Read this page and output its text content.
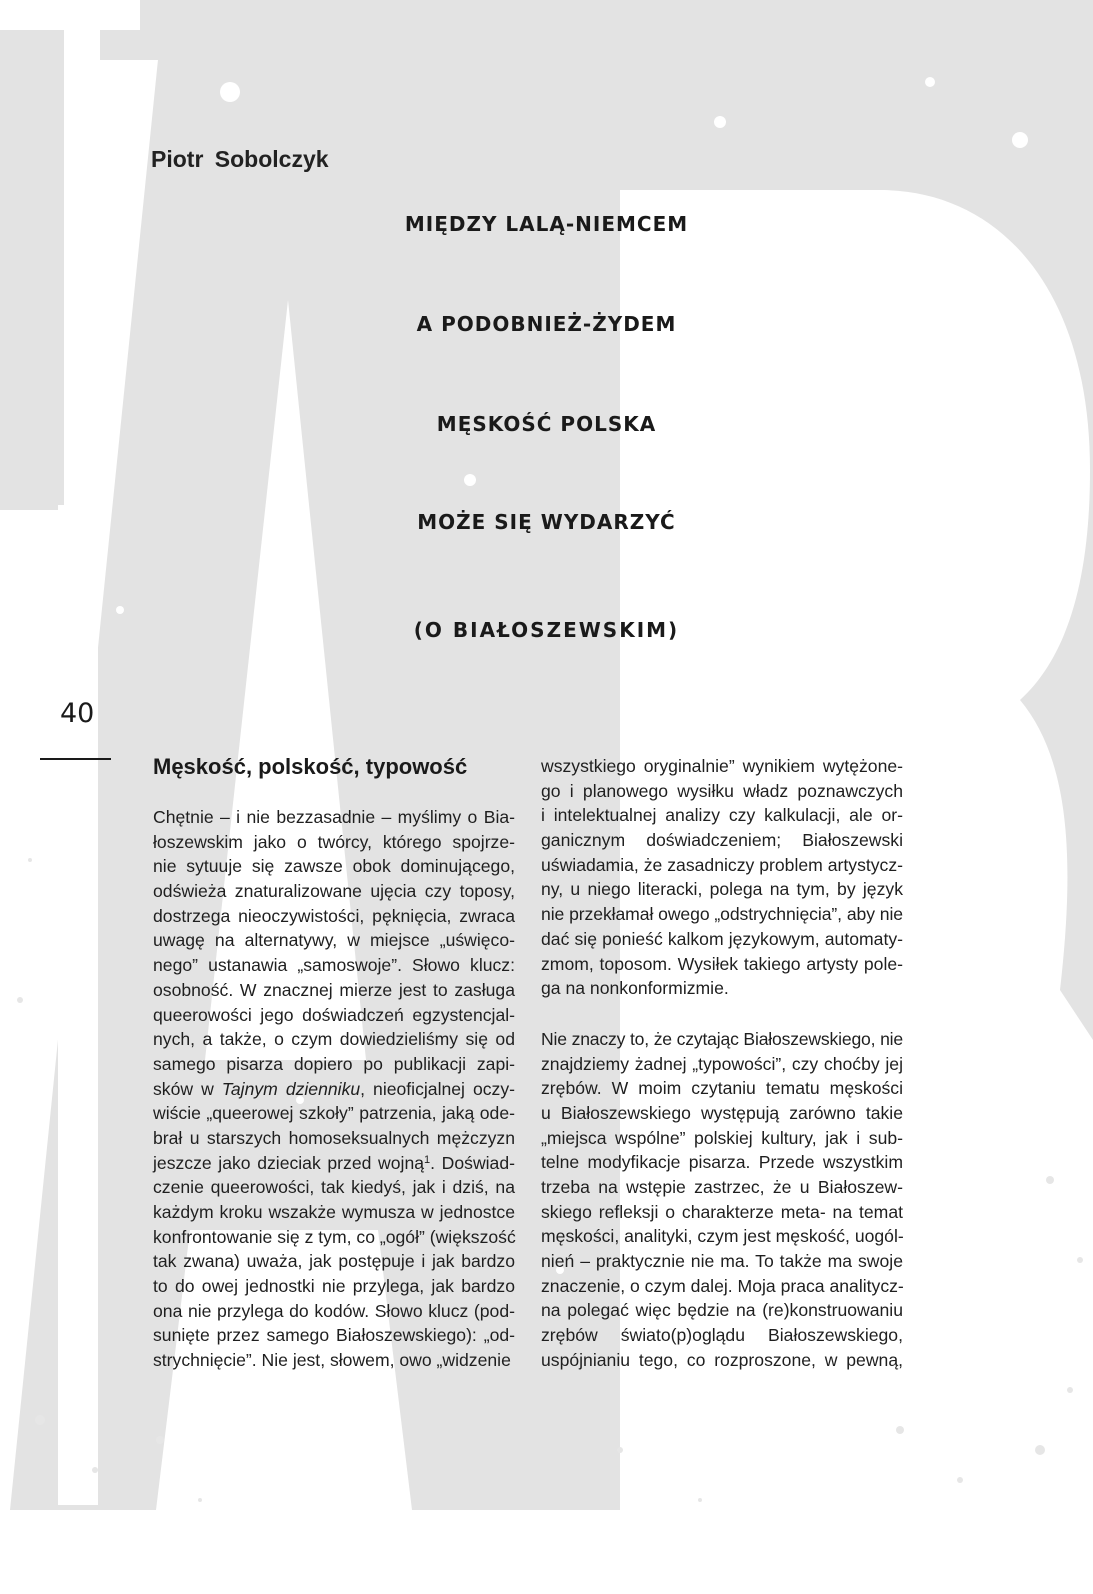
Piotr Sobolczyk
MIĘDZY LALĄ-NIEMCEM
A PODOBNIEŻ-ŻYDEM
MĘSKOŚĆ POLSKA
MOŻE SIĘ WYDARZYĆ
(O BIAŁOSZEWSKIM)
40
Męskość, polskość, typowość
Chętnie – i nie bezzasadnie – myślimy o Bia-
łoszewskim jako o twórcy, którego spojrze-
nie sytuuje się zawsze obok dominującego,
odświeża znaturalizowane ujęcia czy toposy,
dostrzega nieoczywistości, pęknięcia, zwraca
uwagę na alternatywy, w miejsce „uświęco-
nego” ustanawia „samoswoje”. Słowo klucz:
osobność. W znacznej mierze jest to zasługa
queerowości jego doświadczeń egzystencjal-
nych, a także, o czym dowiedzieliśmy się od
samego pisarza dopiero po publikacji zapi-
sków w Tajnym dzienniku, nieoficjalnej oczy-
wiście „queerowej szkoły” patrzenia, jaką ode-
brał u starszych homoseksualnych mężczyzn
jeszcze jako dzieciak przed wojną$^1$. Doświad-
czenie queerowości, tak kiedyś, jak i dziś, na
każdym kroku wszakże wymusza w jednostce
konfrontowanie się z tym, co „ogół” (większość
tak zwana) uważa, jak postępuje i jak bardzo
to do owej jednostki nie przylega, jak bardzo
ona nie przylega do kodów. Słowo klucz (pod-
sunięte przez samego Białoszewskiego): „od-
strychnięcie”. Nie jest, słowem, owo „widzenie
wszystkiego oryginalnie” wynikiem wytężone-
go i planowego wysiłku władz poznawczych
i intelektualnej analizy czy kalkulacji, ale or-
ganicznym doświadczeniem; Białoszewski
uświadamia, że zasadniczy problem artystycz-
ny, u niego literacki, polega na tym, by język
nie przekłamał owego „odstrychnięcia”, aby nie
dać się ponieść kalkom językowym, automaty-
zmom, toposom. Wysiłek takiego artysty pole-
ga na nonkonformizmie.
Nie znaczy to, że czytając Białoszewskiego, nie
znajdziemy żadnej „typowości”, czy choćby jej
zrębów. W moim czytaniu tematu męskości
u Białoszewskiego występują zarówno takie
„miejsca wspólne” polskiej kultury, jak i sub-
telne modyfikacje pisarza. Przede wszystkim
trzeba na wstępie zastrzec, że u Białoszew-
skiego refleksji o charakterze meta- na temat
męskości, analityki, czym jest męskość, uogól-
nień – praktycznie nie ma. To także ma swoje
znaczenie, o czym dalej. Moja praca analitycz-
na polegać więc będzie na (re)konstruowaniu
zrębów świato(p)oglądu Białoszewskiego,
uspójnianiu tego, co rozproszone, w pewną,
